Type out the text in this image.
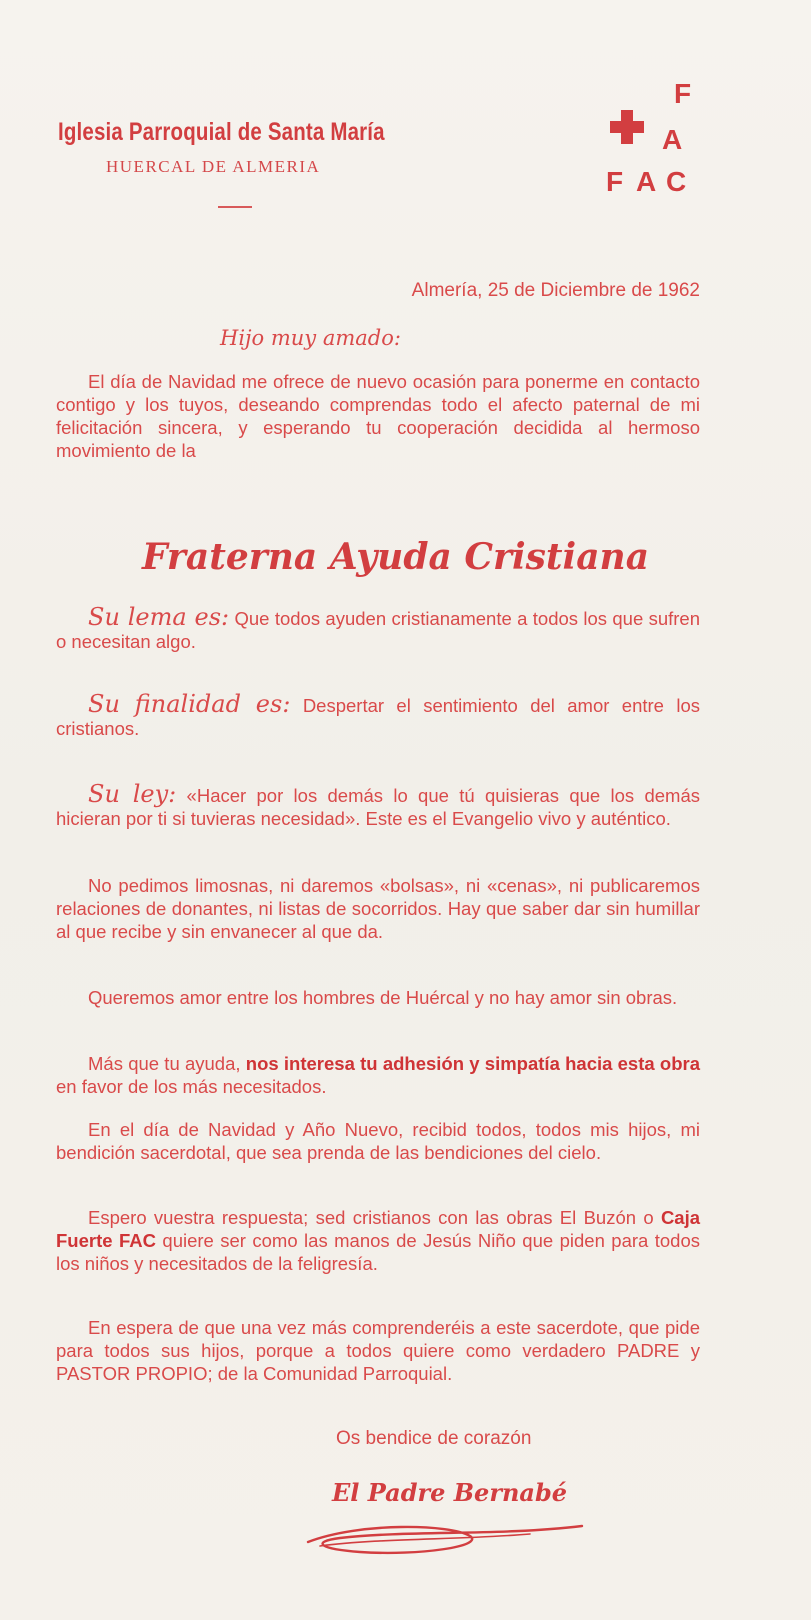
Iglesia Parroquial de Santa María
HUERCAL DE ALMERIA
F
A
F A C
Almería, 25 de Diciembre de 1962
Hijo muy amado:
El día de Navidad me ofrece de nuevo ocasión para ponerme en contacto contigo y los tuyos, deseando comprendas todo el afecto paternal de mi felicitación sincera, y esperando tu cooperación decidida al hermoso movimiento de la
Fraterna Ayuda Cristiana
Su lema es: Que todos ayuden cristianamente a todos los que sufren o necesitan algo.
Su finalidad es: Despertar el sentimiento del amor entre los cristianos.
Su ley: «Hacer por los demás lo que tú quisieras que los demás hicieran por ti si tuvieras necesidad». Este es el Evangelio vivo y auténtico.
No pedimos limosnas, ni daremos «bolsas», ni «cenas», ni publicaremos relaciones de donantes, ni listas de socorridos. Hay que saber dar sin humillar al que recibe y sin envanecer al que da.
Queremos amor entre los hombres de Huércal y no hay amor sin obras.
Más que tu ayuda, nos interesa tu adhesión y simpatía hacia esta obra en favor de los más necesitados.
En el día de Navidad y Año Nuevo, recibid todos, todos mis hijos, mi bendición sacerdotal, que sea prenda de las bendiciones del cielo.
Espero vuestra respuesta; sed cristianos con las obras El Buzón o Caja Fuerte FAC quiere ser como las manos de Jesús Niño que piden para todos los niños y necesitados de la feligresía.
En espera de que una vez más comprenderéis a este sacerdote, que pide para todos sus hijos, porque a todos quiere como verdadero PADRE y PASTOR PROPIO; de la Comunidad Parroquial.
Os bendice de corazón
El Padre Bernabé
